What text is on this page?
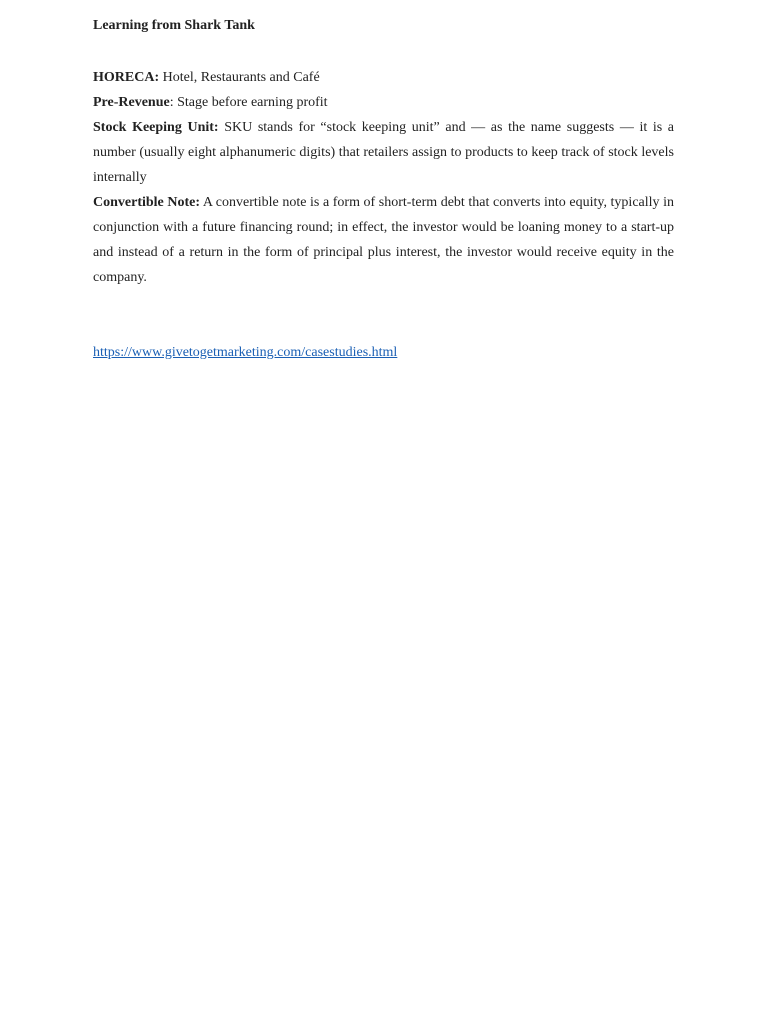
Learning from Shark Tank

HORECA: Hotel, Restaurants and Café

Pre-Revenue: Stage before earning profit

Stock Keeping Unit: SKU stands for “stock keeping unit” and — as the name suggests — it is a number (usually eight alphanumeric digits) that retailers assign to products to keep track of stock levels internally

Convertible Note: A convertible note is a form of short-term debt that converts into equity, typically in conjunction with a future financing round; in effect, the investor would be loaning money to a start-up and instead of a return in the form of principal plus interest, the investor would receive equity in the company.

https://www.givetogetmarketing.com/casestudies.html
